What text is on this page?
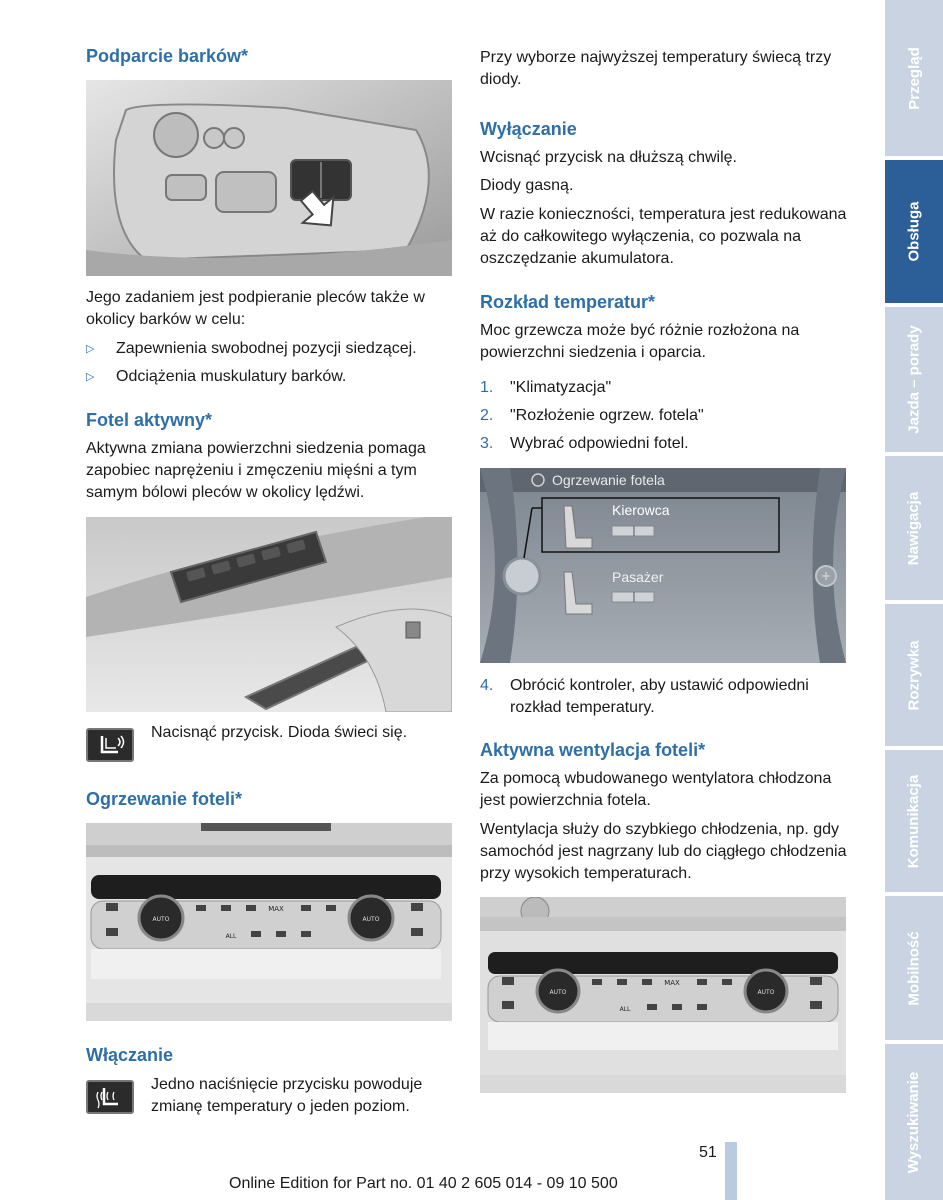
Podparcie barków*

Jego zadaniem jest podpieranie pleców także w okolicy barków w celu:

▷ Zapewnienia swobodnej pozycji siedzącej.
▷ Odciążenia muskulatury barków.
Fotel aktywny*

Aktywna zmiana powierzchni siedzenia pomaga zapobiec naprężeniu i zmęczeniu mięśni a tym samym bólowi pleców w okolicy lędźwi.

Nacisnąć przycisk. Dioda świeci się.

Ogrzewanie foteli*
AUTO	AUTO
MAX
ALL
Włączanie

Jedno naciśnięcie przycisku powoduje zmianę temperatury o jeden poziom.

Przy wyborze najwyższej temperatury świecą trzy diody.

Wyłączanie

Wcisnąć przycisk na dłuższą chwilę.

Diody gasną.

W razie konieczności, temperatura jest redukowana aż do całkowitego wyłączenia, co pozwala na oszczędzanie akumulatora.

Rozkład temperatur*

Moc grzewcza może być różnie rozłożona na powierzchni siedzenia i oparcia.

1. "Klimatyzacja"
2. "Rozłożenie ogrzew. fotela"
3. Wybrać odpowiedni fotel.
+
Ogrzewanie fotela
Kierowca
Pasażer
4. Obrócić kontroler, aby ustawić odpowiedni rozkład temperatury.
Aktywna wentylacja foteli*

Za pomocą wbudowanego wentylatora chłodzona jest powierzchnia fotela.

Wentylacja służy do szybkiego chłodzenia, np. gdy samochód jest nagrzany lub do ciągłego chłodzenia przy wysokich temperaturach.

AUTO	AUTO
MAX
ALL
Przegląd
Obsługa
Jazda – porady
Nawigacja
Rozrywka
Komunikacja
Mobilność
Wyszukiwanie
51
Online Edition for Part no. 01 40 2 605 014 - 09 10 500
